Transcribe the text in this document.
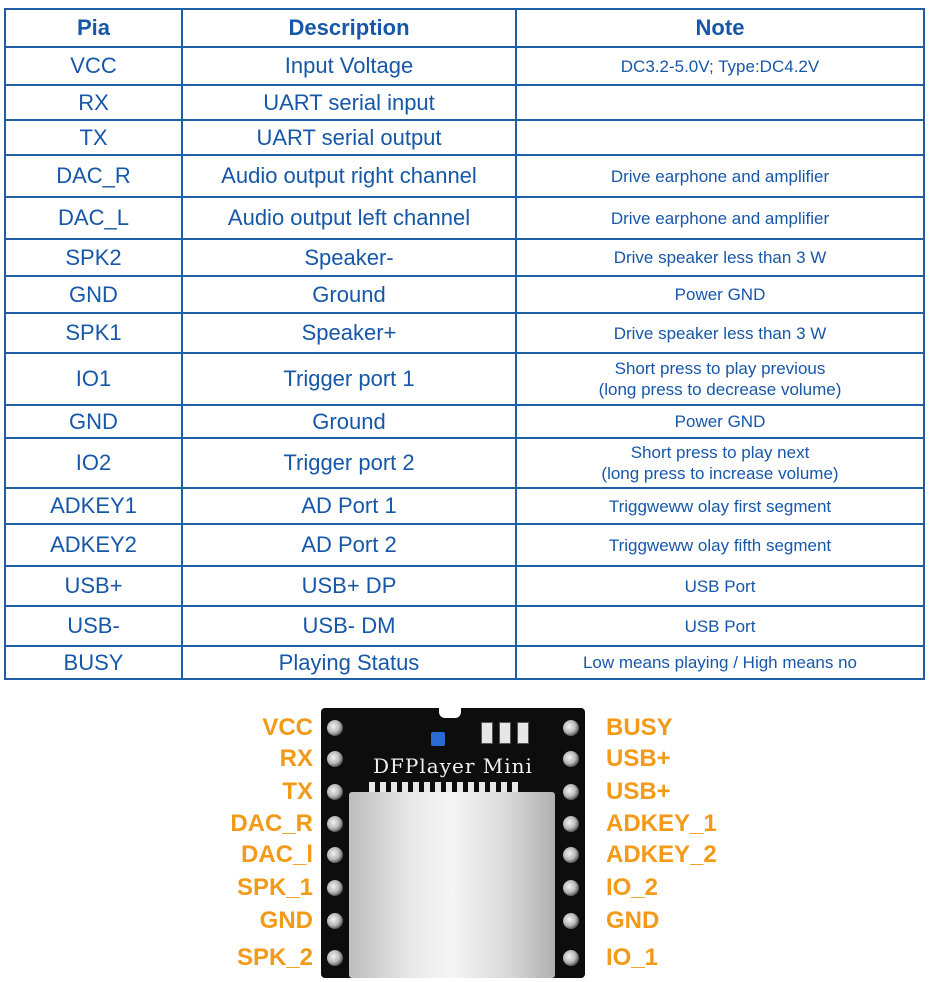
Pia	Description	Note
VCC	Input Voltage	DC3.2-5.0V; Type:DC4.2V

RX	UART serial input	

TX	UART serial output	

DAC_R	Audio output right channel	Drive earphone and amplifier

DAC_L	Audio output left channel	Drive earphone and amplifier

SPK2	Speaker-	Drive speaker less than 3 W

GND	Ground	Power GND

SPK1	Speaker+	Drive speaker less than 3 W

IO1	Trigger port 1	Short press to play previous
(long press to decrease volume)

GND	Ground	Power GND

IO2	Trigger port 2	Short press to play next
(long press to increase volume)

ADKEY1	AD Port 1	Triggweww olay first segment

ADKEY2	AD Port 2	Triggweww olay fifth segment

USB+	USB+ DP	USB Port

USB-	USB- DM	USB Port

BUSY	Playing Status	Low means playing / High means no
VCC
RX
TX
DAC_R
DAC_l
SPK_1
GND
SPK_2
BUSY
USB+
USB+
ADKEY_1
ADKEY_2
IO_2
GND
IO_1
DFPlayer Mini
